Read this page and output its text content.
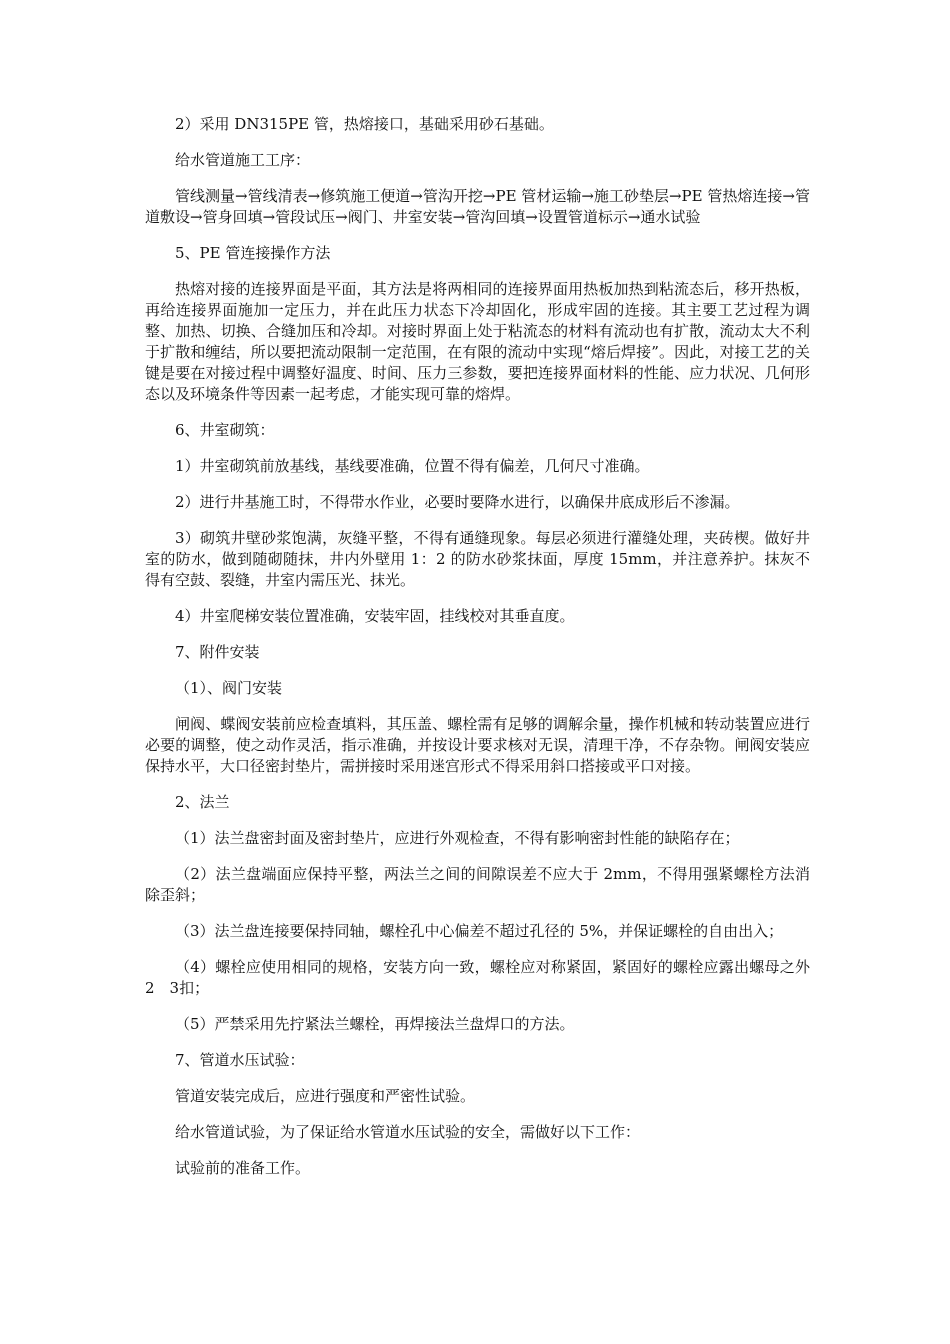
2）采用 DN315PE 管，热熔接口，基础采用砂石基础。

给水管道施工工序：

管线测量→管线清表→修筑施工便道→管沟开挖→PE 管材运输→施工砂垫层→PE 管热熔连接→管道敷设→管身回填→管段试压→阀门、井室安装→管沟回填→设置管道标示→通水试验

5、PE 管连接操作方法

热熔对接的连接界面是平面，其方法是将两相同的连接界面用热板加热到粘流态后，移开热板，再给连接界面施加一定压力，并在此压力状态下冷却固化，形成牢固的连接。其主要工艺过程为调整、加热、切换、合缝加压和冷却。对接时界面上处于粘流态的材料有流动也有扩散，流动太大不利于扩散和缠结，所以要把流动限制一定范围，在有限的流动中实现“熔后焊接”。因此，对接工艺的关键是要在对接过程中调整好温度、时间、压力三参数，要把连接界面材料的性能、应力状况、几何形态以及环境条件等因素一起考虑，才能实现可靠的熔焊。

6、井室砌筑：

1）井室砌筑前放基线，基线要准确，位置不得有偏差，几何尺寸准确。

2）进行井基施工时，不得带水作业，必要时要降水进行，以确保井底成形后不渗漏。

3）砌筑井壁砂浆饱满，灰缝平整，不得有通缝现象。每层必须进行灌缝处理，夹砖楔。做好井室的防水，做到随砌随抹，井内外壁用 1：2 的防水砂浆抹面，厚度 15mm，并注意养护。抹灰不得有空鼓、裂缝，井室内需压光、抹光。

4）井室爬梯安装位置准确，安装牢固，挂线校对其垂直度。

7、附件安装

（1）、阀门安装

闸阀、蝶阀安装前应检查填料，其压盖、螺栓需有足够的调解余量，操作机械和转动装置应进行必要的调整，使之动作灵活，指示准确，并按设计要求核对无误，清理干净，不存杂物。闸阀安装应保持水平，大口径密封垫片，需拼接时采用迷宫形式不得采用斜口搭接或平口对接。

2、法兰

（1）法兰盘密封面及密封垫片，应进行外观检查，不得有影响密封性能的缺陷存在；

（2）法兰盘端面应保持平整，两法兰之间的间隙误差不应大于 2mm，不得用强紧螺栓方法消除歪斜；

（3）法兰盘连接要保持同轴，螺栓孔中心偏差不超过孔径的 5%，并保证螺栓的自由出入；

（4）螺栓应使用相同的规格，安装方向一致，螺栓应对称紧固，紧固好的螺栓应露出螺母之外 2　3扣；

（5）严禁采用先拧紧法兰螺栓，再焊接法兰盘焊口的方法。

7、管道水压试验：

管道安装完成后，应进行强度和严密性试验。

给水管道试验，为了保证给水管道水压试验的安全，需做好以下工作：

试验前的准备工作。
